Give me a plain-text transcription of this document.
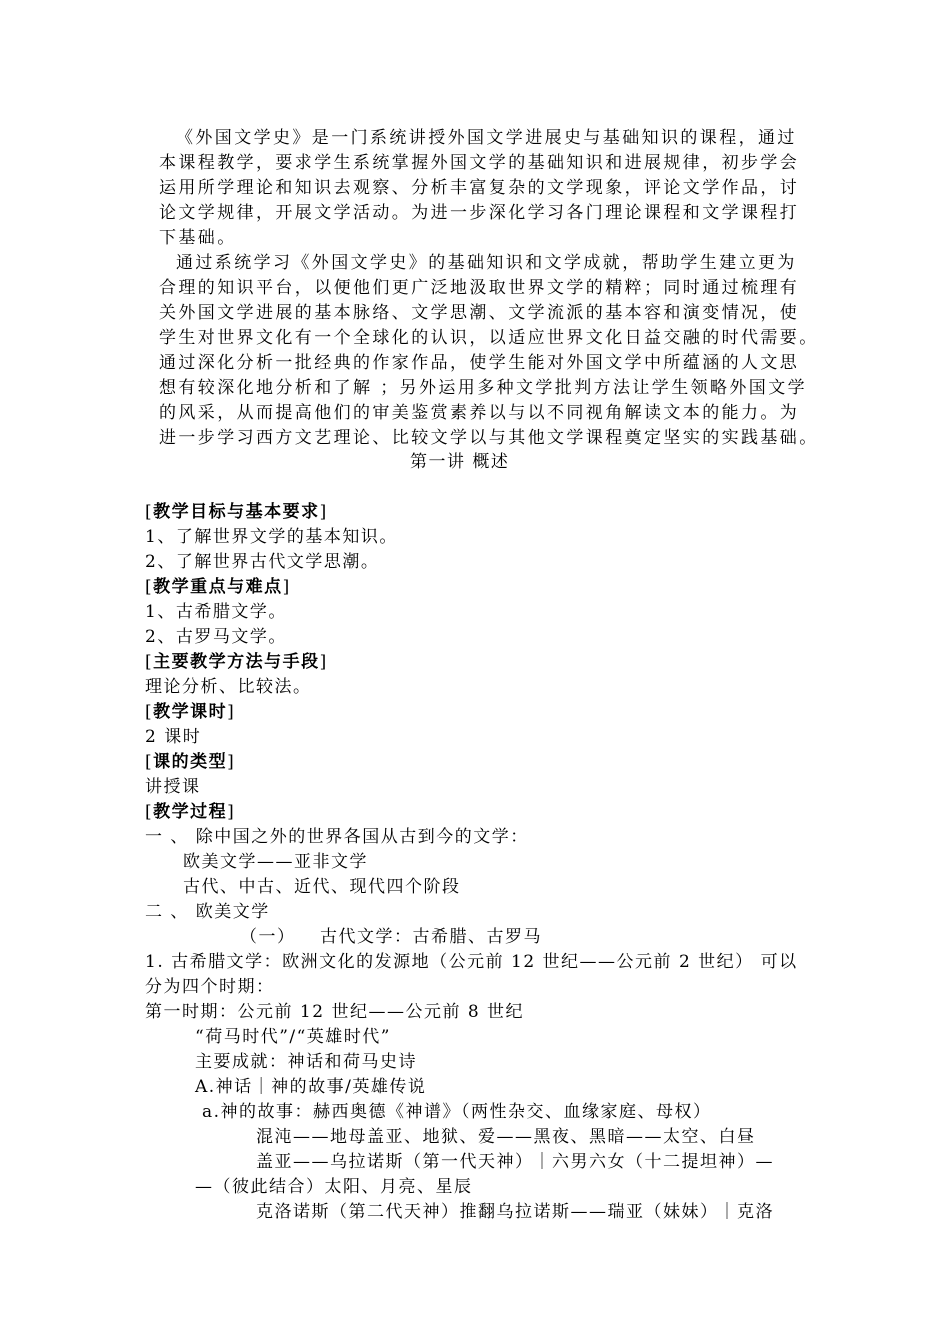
《外国文学史》是一门系统讲授外国文学进展史与基础知识的课程，通过
本课程教学，要求学生系统掌握外国文学的基础知识和进展规律，初步学会
运用所学理论和知识去观察、分析丰富复杂的文学现象，评论文学作品，讨
论文学规律，开展文学活动。为进一步深化学习各门理论课程和文学课程打
下基础。
通过系统学习《外国文学史》的基础知识和文学成就，帮助学生建立更为
合理的知识平台，以便他们更广泛地汲取世界文学的精粹；同时通过梳理有
关外国文学进展的基本脉络、文学思潮、文学流派的基本容和演变情况，使
学生对世界文化有一个全球化的认识，以适应世界文化日益交融的时代需要。
通过深化分析一批经典的作家作品，使学生能对外国文学中所蕴涵的人文思
想有较深化地分析和了解 ；另外运用多种文学批判方法让学生领略外国文学
的风采，从而提高他们的审美鉴赏素养以与以不同视角解读文本的能力。为
进一步学习西方文艺理论、比较文学以与其他文学课程奠定坚实的实践基础。
第一讲 概述
[教学目标与基本要求]
1、了解世界文学的基本知识。
2、了解世界古代文学思潮。
[教学重点与难点]
1、古希腊文学。
2、古罗马文学。
[主要教学方法与手段]
理论分析、比较法。
[教学课时]
2 课时
[课的类型]
讲授课
[教学过程]
一 、 除中国之外的世界各国从古到今的文学：
欧美文学——亚非文学
古代、中古、近代、现代四个阶段
二 、 欧美文学
（一） 古代文学：古希腊、古罗马
1. 古希腊文学：欧洲文化的发源地（公元前 12 世纪——公元前 2 世纪） 可以
分为四个时期：
第一时期：公元前 12 世纪——公元前 8 世纪
“荷马时代”/“英雄时代”
主要成就：神话和荷马史诗
A.神话｜神的故事/英雄传说
a.神的故事：赫西奥德《神谱》（两性杂交、血缘家庭、母权）
混沌——地母盖亚、地狱、爱——黑夜、黑暗——太空、白昼
盖亚——乌拉诺斯（第一代天神）｜六男六女（十二提坦神）—
—（彼此结合）太阳、月亮、星辰
克洛诺斯（第二代天神）推翻乌拉诺斯——瑞亚（妹妹）｜克洛
